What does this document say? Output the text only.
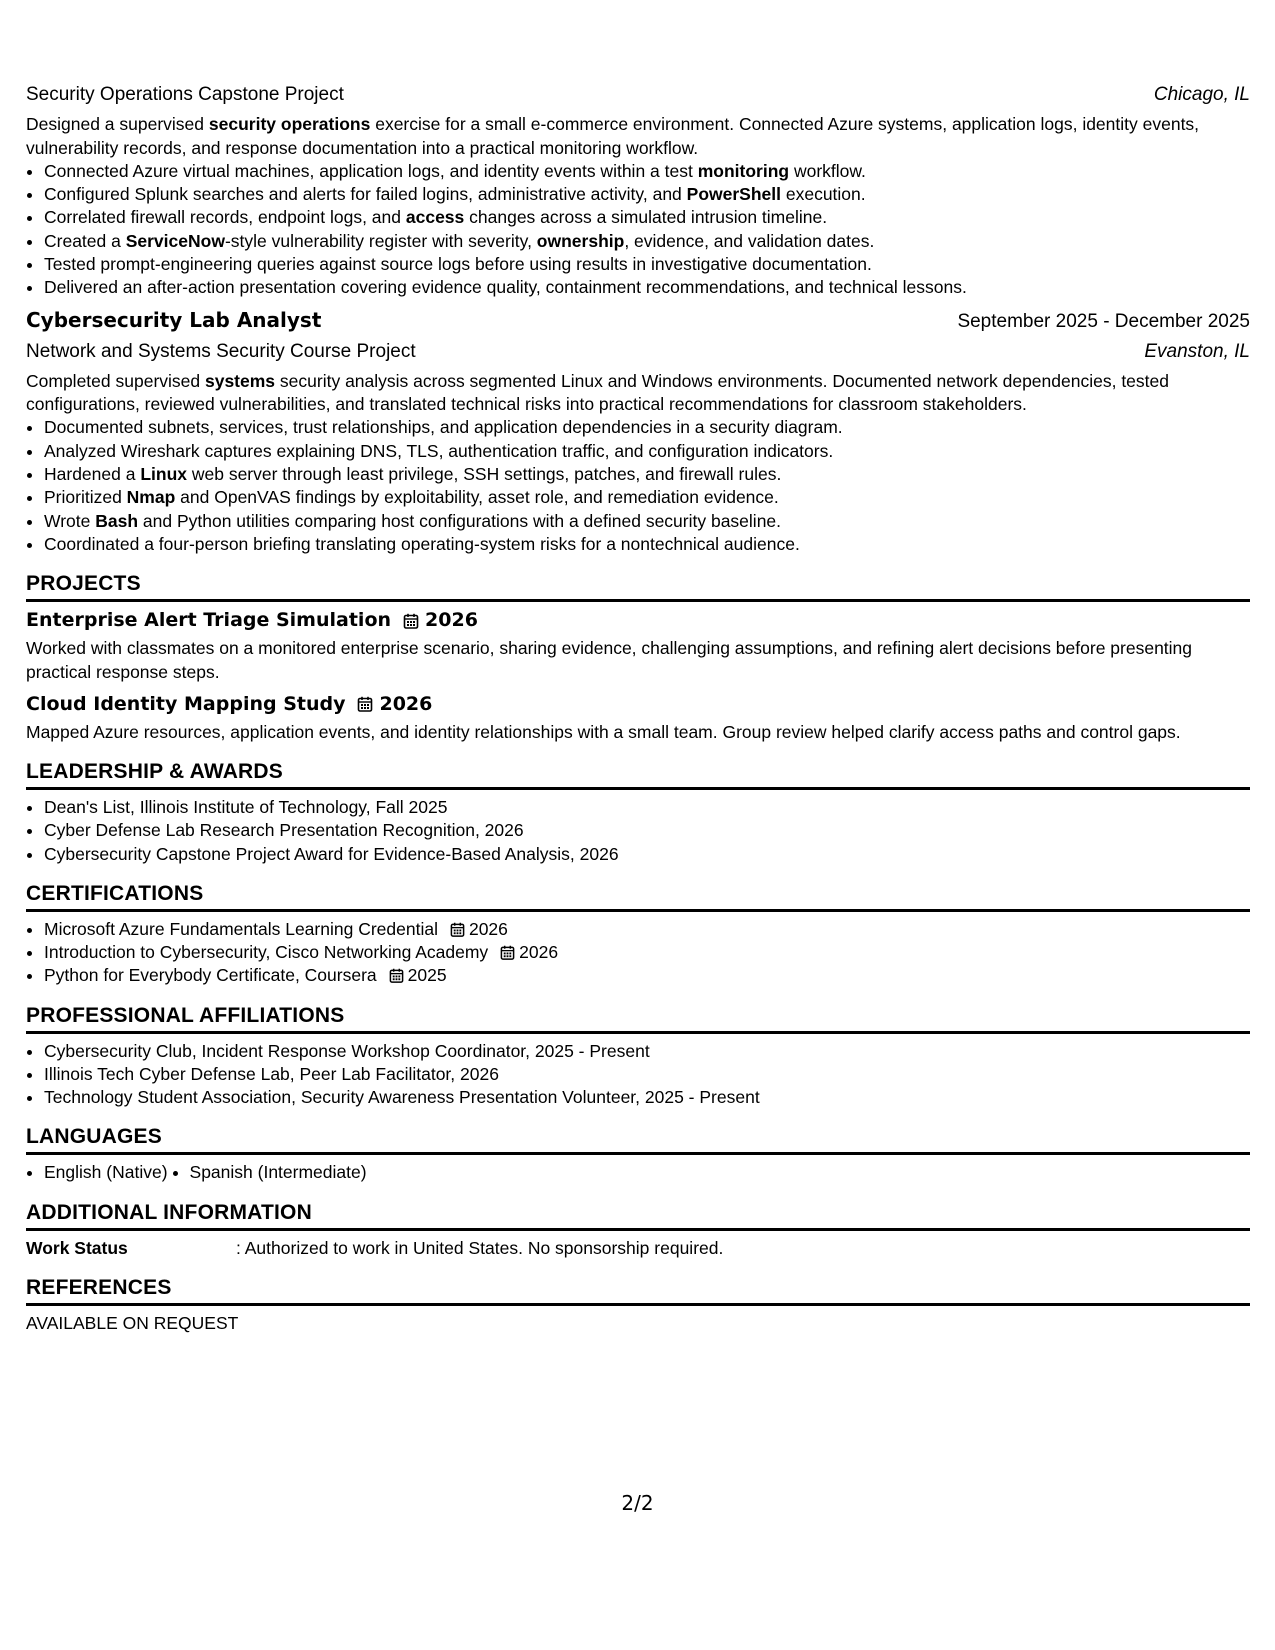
Security Operations Capstone Project	Chicago, IL

Designed a supervised security operations exercise for a small e-commerce environment. Connected Azure systems, application logs, identity events, vulnerability records, and response documentation into a practical monitoring workflow.

• Connected Azure virtual machines, application logs, and identity events within a test monitoring workflow.
• Configured Splunk searches and alerts for failed logins, administrative activity, and PowerShell execution.
• Correlated firewall records, endpoint logs, and access changes across a simulated intrusion timeline.
• Created a ServiceNow-style vulnerability register with severity, ownership, evidence, and validation dates.
• Tested prompt-engineering queries against source logs before using results in investigative documentation.
• Delivered an after-action presentation covering evidence quality, containment recommendations, and technical lessons.
Cybersecurity Lab Analyst	September 2025 - December 2025
Network and Systems Security Course Project	Evanston, IL

Completed supervised systems security analysis across segmented Linux and Windows environments. Documented network dependencies, tested configurations, reviewed vulnerabilities, and translated technical risks into practical recommendations for classroom stakeholders.

• Documented subnets, services, trust relationships, and application dependencies in a security diagram.
• Analyzed Wireshark captures explaining DNS, TLS, authentication traffic, and configuration indicators.
• Hardened a Linux web server through least privilege, SSH settings, patches, and firewall rules.
• Prioritized Nmap and OpenVAS findings by exploitability, asset role, and remediation evidence.
• Wrote Bash and Python utilities comparing host configurations with a defined security baseline.
• Coordinated a four-person briefing translating operating-system risks for a nontechnical audience.
PROJECTS
Enterprise Alert Triage Simulation 2026
Worked with classmates on a monitored enterprise scenario, sharing evidence, challenging assumptions, and refining alert decisions before presenting practical response steps.
Cloud Identity Mapping Study 2026
Mapped Azure resources, application events, and identity relationships with a small team. Group review helped clarify access paths and control gaps.
LEADERSHIP & AWARDS
• Dean's List, Illinois Institute of Technology, Fall 2025
• Cyber Defense Lab Research Presentation Recognition, 2026
• Cybersecurity Capstone Project Award for Evidence-Based Analysis, 2026
CERTIFICATIONS
• Microsoft Azure Fundamentals Learning Credential 2026
• Introduction to Cybersecurity, Cisco Networking Academy 2026
• Python for Everybody Certificate, Coursera 2025
PROFESSIONAL AFFILIATIONS
• Cybersecurity Club, Incident Response Workshop Coordinator, 2025 - Present
• Illinois Tech Cyber Defense Lab, Peer Lab Facilitator, 2026
• Technology Student Association, Security Awareness Presentation Volunteer, 2025 - Present
LANGUAGES
• English (Native)
• Spanish (Intermediate)
ADDITIONAL INFORMATION
Work Status	: Authorized to work in United States. No sponsorship required.
REFERENCES
AVAILABLE ON REQUEST
2/2
